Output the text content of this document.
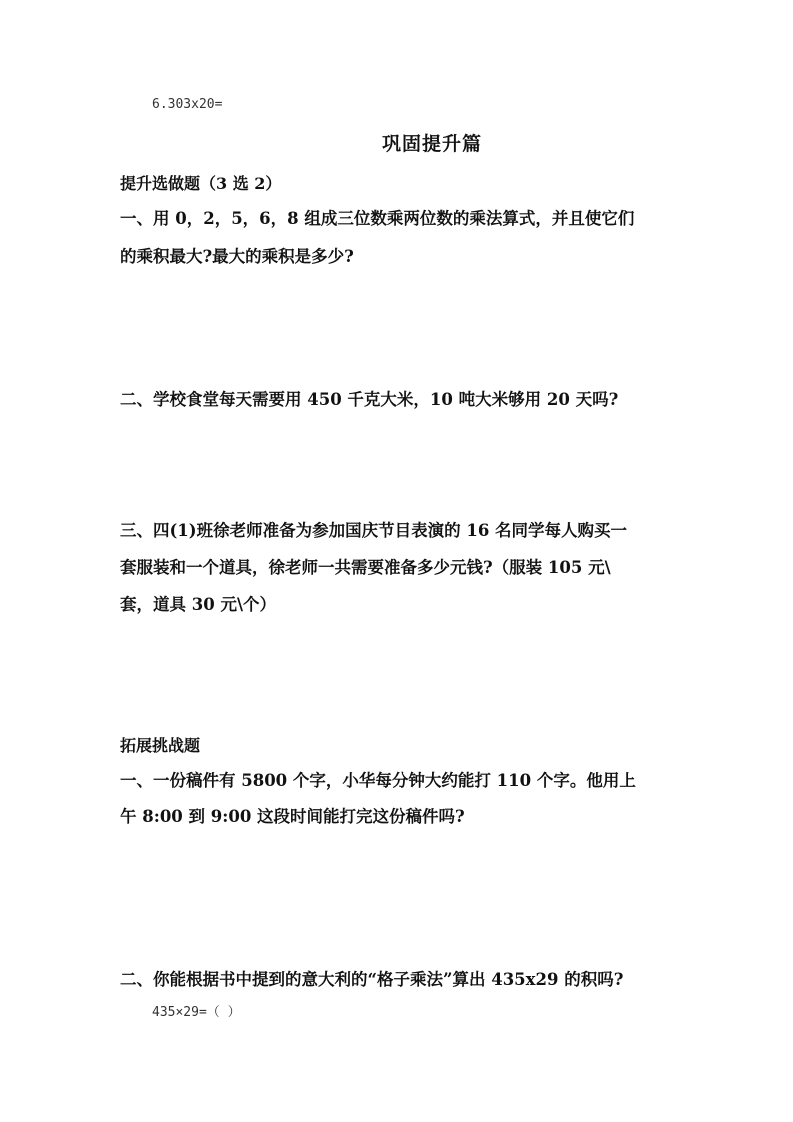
6.303x20=

巩固提升篇

提升选做题（3 选 2）

一、用 0，2，5，6，8 组成三位数乘两位数的乘法算式，并且使它们

的乘积最大?最大的乘积是多少?

二、学校食堂每天需要用 450 千克大米，10 吨大米够用 20 天吗?

三、四(1)班徐老师准备为参加国庆节目表演的 16 名同学每人购买一

套服装和一个道具，徐老师一共需要准备多少元钱?（服装 105 元\

套，道具 30 元\个）

拓展挑战题

一、一份稿件有 5800 个字，小华每分钟大约能打 110 个字。他用上

午 8:00 到 9:00 这段时间能打完这份稿件吗?

二、你能根据书中提到的意大利的“格子乘法”算出 435x29 的积吗?

435×29=（ ）
